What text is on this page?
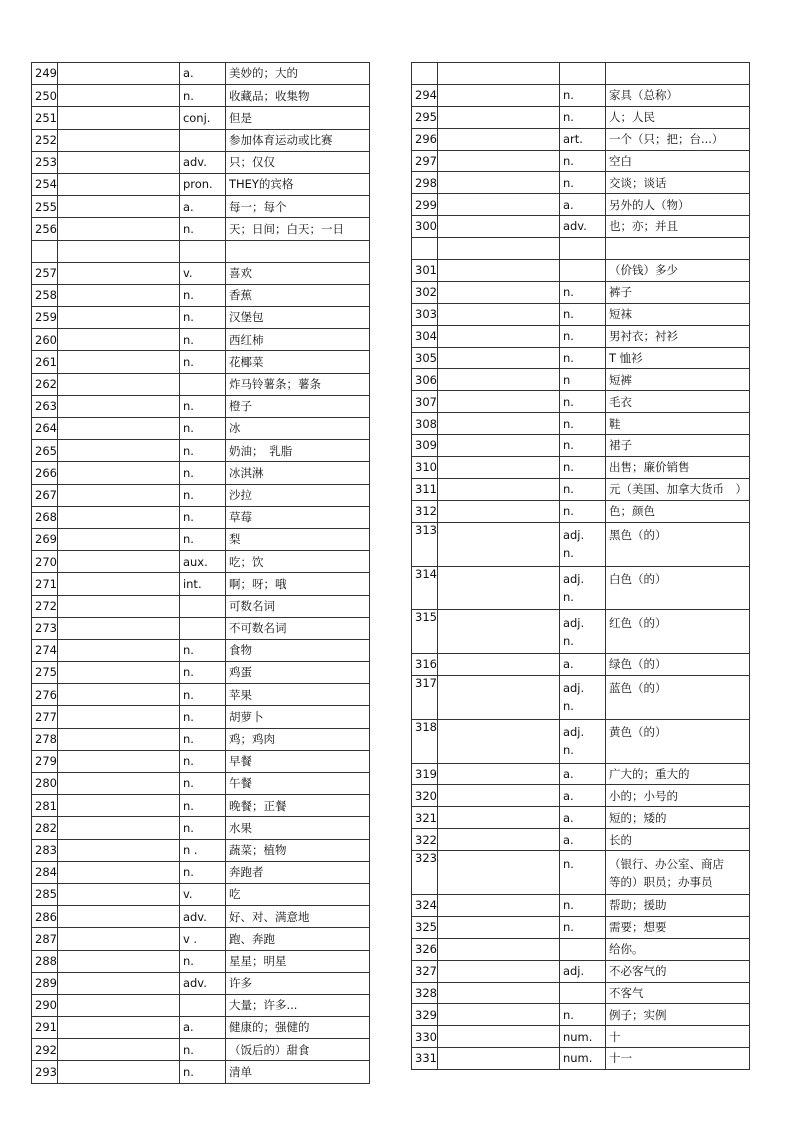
249		a.	美妙的；大的
250		n.	收藏品；收集物
251		conj.	但是
252			参加体育运动或比赛
253		adv.	只；仅仅
254		pron.	THEY的宾格
255		a.	每一；每个
256		n.	天；日间；白天；一日

257		v.	喜欢
258		n.	香蕉
259		n.	汉堡包
260		n.	西红柿
261		n.	花椰菜
262			炸马铃薯条；薯条
263		n.	橙子
264		n.	冰
265		n.	奶油；　乳脂
266		n.	冰淇淋
267		n.	沙拉
268		n.	草莓
269		n.	梨
270		aux.	吃；饮
271		int.	啊；呀；哦
272			可数名词
273			不可数名词
274		n.	食物
275		n.	鸡蛋
276		n.	苹果
277		n.	胡萝卜
278		n.	鸡；鸡肉
279		n.	早餐
280		n.	午餐
281		n.	晚餐；正餐
282		n.	水果
283		n .	蔬菜；植物
284		n.	奔跑者
285		v.	吃
286		adv.	好、对、满意地
287		v .	跑、奔跑
288		n.	星星；明星
289		adv.	许多
290			大量；许多...
291		a.	健康的；强健的
292		n.	（饭后的）甜食
293		n.	清单

294		n.	家具（总称）
295		n.	人；人民
296		art.	一个（只；把；台...）
297		n.	空白
298		n.	交谈；谈话
299		a.	另外的人（物）
300		adv.	也；亦；并且

301			（价钱）多少
302		n.	裤子
303		n.	短袜
304		n.	男衬衣；衬衫
305		n.	T 恤衫
306		n	短裤
307		n.	毛衣
308		n.	鞋
309		n.	裙子
310		n.	出售；廉价销售
311		n.	元（美国、加拿大货币　）
312		n.	色；颜色
313		adj.
n.	黑色（的）

314		adj.
n.	白色（的）

315		adj.
n.	红色（的）

316		a.	绿色（的）
317		adj.
n.	蓝色（的）

318		adj.
n.	黄色（的）

319		a.	广大的；重大的
320		a.	小的；小号的
321		a.	短的；矮的
322		a.	长的
323		n.	（银行、办公室、商店
等的）职员；办事员

324		n.	帮助；援助
325		n.	需要；想要
326			给你。
327		adj.	不必客气的
328			不客气
329		n.	例子；实例
330		num.	十
331		num.	十一
